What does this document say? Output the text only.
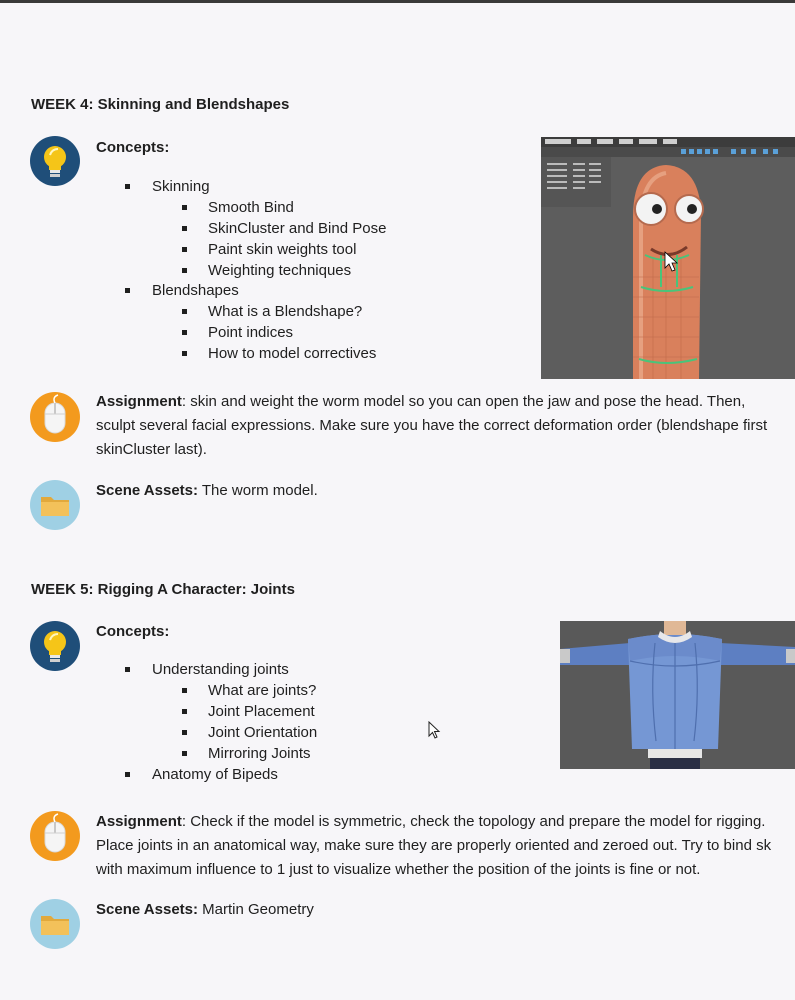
WEEK 4: Skinning and Blendshapes
Concepts:
Skinning
Smooth Bind
SkinCluster and Bind Pose
Paint skin weights tool
Weighting techniques
Blendshapes
What is a Blendshape?
Point indices
How to model correctives
Assignment: skin and weight the worm model so you can open the jaw and pose the head. Then,
sculpt several facial expressions. Make sure you have the correct deformation order (blendshape first
skinCluster last).
Scene Assets: The worm model.
WEEK 5: Rigging A Character: Joints
Concepts:
Understanding joints
What are joints?
Joint Placement
Joint Orientation
Mirroring Joints
Anatomy of Bipeds
Assignment: Check if the model is symmetric, check the topology and prepare the model for rigging.
Place joints in an anatomical way, make sure they are properly oriented and zeroed out. Try to bind sk
with maximum influence to 1 just to visualize whether the position of the joints is fine or not.
Scene Assets: Martin Geometry
